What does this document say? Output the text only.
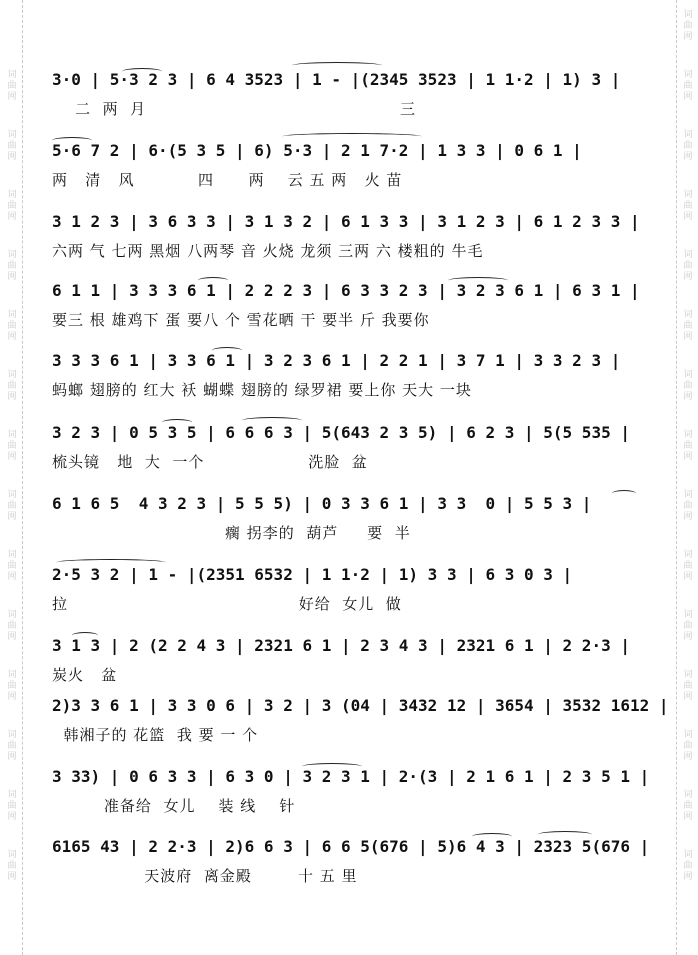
词
曲
网
词
曲
网
词
曲
网
词
曲
网
词
曲
网
词
曲
网
词
曲
网
词
曲
网
词
曲
网
词
曲
网
词
曲
网
词
曲
网
词
曲
网
词
曲
网
词
曲
网
词
曲
网
词
曲
网
词
曲
网
词
曲
网
词
曲
网
词
曲
网
词
曲
网
词
曲
网
词
曲
网
词
曲
网
词
曲
网
词
曲
网
词
曲
网
词
曲
网
3·0 | 5·3 2 3 | 6 4 3523 | 1 - |(2345 3523 | 1 1·2 | 1) 3 |
二  两  月                                            三
5·6 7 2 | 6·(5 3 5 | 6) 5·3 | 2 1 7·2 | 1 3 3 | 0 6 1 |
两   清   风           四      两    云 五 两   火 苗
3 1 2 3 | 3 6 3 3 | 3 1 3 2 | 6 1 3 3 | 3 1 2 3 | 6 1 2 3 3 |
六两 气 七两 黑烟 八两琴 音 火烧 龙须 三两 六 楼粗的 牛毛
6 1 1 | 3 3 3 6 1 | 2 2 2 3 | 6 3 3 2 3 | 3 2 3 6 1 | 6 3 1 |
要三 根 雄鸡下 蛋 要八 个 雪花晒 干 要半 斤 我要你
3 3 3 6 1 | 3 3 6 1 | 3 2 3 6 1 | 2 2 1 | 3 7 1 | 3 3 2 3 |
蚂螂 翅膀的 红大 袄 蝴蝶 翅膀的 绿罗裙 要上你 天大 一块
3 2 3 | 0 5 3 5 | 6 6 6 3 | 5(643 2 3 5) | 6 2 3 | 5(5 535 |
梳头镜   地  大  一个                  洗脸  盆
6 1 6 5  4 3 2 3 | 5 5 5) | 0 3 3 6 1 | 3 3  0 | 5 5 3 |
瘸 拐李的  葫芦     要  半
2·5 3 2 | 1 - |(2351 6532 | 1 1·2 | 1) 3 3 | 6 3 0 3 |
拉                                        好给  女儿  做
3 1 3 | 2 (2 2 4 3 | 2321 6 1 | 2 3 4 3 | 2321 6 1 | 2 2·3 |
炭火   盆
2)3 3 6 1 | 3 3 0 6 | 3 2 | 3 (04 | 3432 12 | 3654 | 3532 1612 |
韩湘子的 花篮  我 要 一 个
3 33) | 0 6 3 3 | 6 3 0 | 3 2 3 1 | 2·(3 | 2 1 6 1 | 2 3 5 1 |
准备给  女儿    装 线    针
6165 43 | 2 2·3 | 2)6 6 3 | 6 6 5(676 | 5)6 4 3 | 2323 5(676 |
天波府  离金殿        十 五 里
